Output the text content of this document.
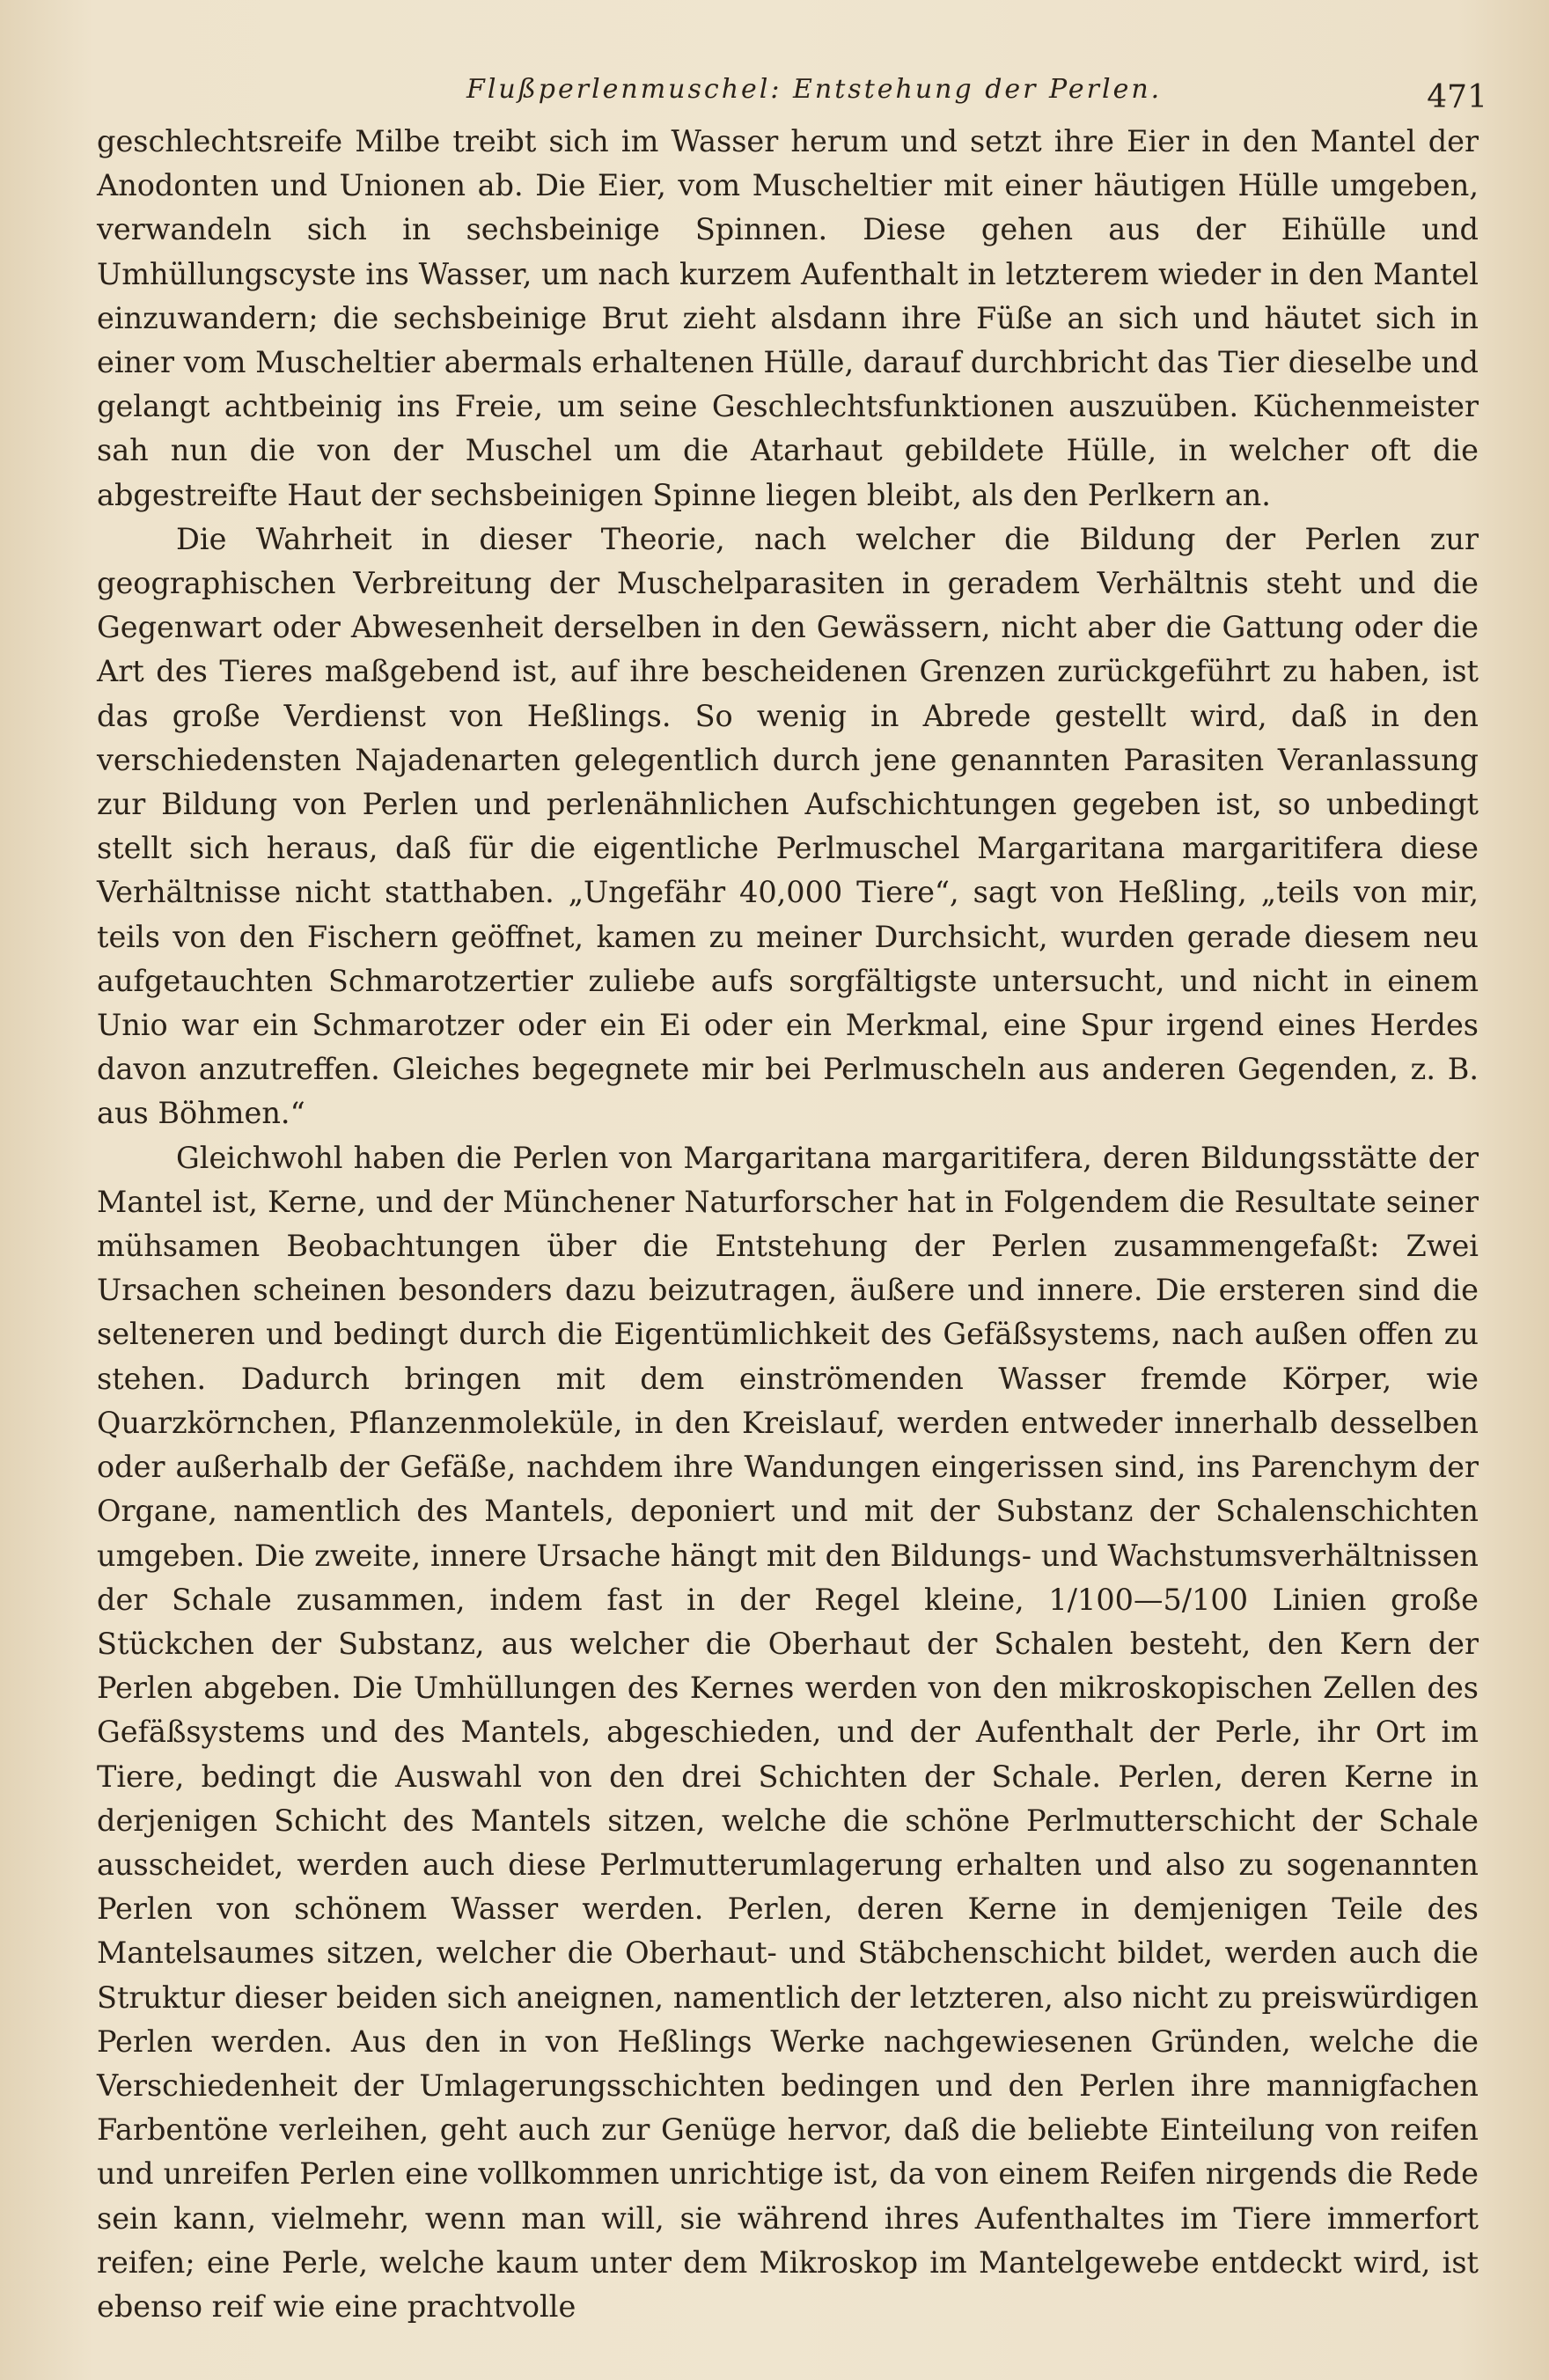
Flußperlenmuschel: Entstehung der Perlen.	471

geschlechtsreife Milbe treibt sich im Wasser herum und setzt ihre Eier in den Mantel der Anodonten und Unionen ab. Die Eier, vom Muscheltier mit einer häutigen Hülle umgeben, verwandeln sich in sechsbeinige Spinnen. Diese gehen aus der Eihülle und Umhüllungscyste ins Wasser, um nach kurzem Aufenthalt in letzterem wieder in den Mantel einzuwandern; die sechsbeinige Brut zieht alsdann ihre Füße an sich und häutet sich in einer vom Muscheltier abermals erhaltenen Hülle, darauf durchbricht das Tier dieselbe und gelangt achtbeinig ins Freie, um seine Geschlechtsfunktionen auszuüben. Küchenmeister sah nun die von der Muschel um die Atarhaut gebildete Hülle, in welcher oft die abgestreifte Haut der sechsbeinigen Spinne liegen bleibt, als den Perlkern an.

Die Wahrheit in dieser Theorie, nach welcher die Bildung der Perlen zur geographischen Verbreitung der Muschelparasiten in geradem Verhältnis steht und die Gegenwart oder Abwesenheit derselben in den Gewässern, nicht aber die Gattung oder die Art des Tieres maßgebend ist, auf ihre bescheidenen Grenzen zurückgeführt zu haben, ist das große Verdienst von Heßlings. So wenig in Abrede gestellt wird, daß in den verschiedensten Najadenarten gelegentlich durch jene genannten Parasiten Veranlassung zur Bildung von Perlen und perlenähnlichen Aufschichtungen gegeben ist, so unbedingt stellt sich heraus, daß für die eigentliche Perlmuschel Margaritana margaritifera diese Verhältnisse nicht statthaben. „Ungefähr 40,000 Tiere“, sagt von Heßling, „teils von mir, teils von den Fischern geöffnet, kamen zu meiner Durchsicht, wurden gerade diesem neu aufgetauchten Schmarotzertier zuliebe aufs sorgfältigste untersucht, und nicht in einem Unio war ein Schmarotzer oder ein Ei oder ein Merkmal, eine Spur irgend eines Herdes davon anzutreffen. Gleiches begegnete mir bei Perlmuscheln aus anderen Gegenden, z. B. aus Böhmen.“

Gleichwohl haben die Perlen von Margaritana margaritifera, deren Bildungsstätte der Mantel ist, Kerne, und der Münchener Naturforscher hat in Folgendem die Resultate seiner mühsamen Beobachtungen über die Entstehung der Perlen zusammengefaßt: Zwei Ursachen scheinen besonders dazu beizutragen, äußere und innere. Die ersteren sind die selteneren und bedingt durch die Eigentümlichkeit des Gefäßsystems, nach außen offen zu stehen. Dadurch bringen mit dem einströmenden Wasser fremde Körper, wie Quarzkörnchen, Pflanzenmoleküle, in den Kreislauf, werden entweder innerhalb desselben oder außerhalb der Gefäße, nachdem ihre Wandungen eingerissen sind, ins Parenchym der Organe, namentlich des Mantels, deponiert und mit der Substanz der Schalenschichten umgeben. Die zweite, innere Ursache hängt mit den Bildungs- und Wachstumsverhältnissen der Schale zusammen, indem fast in der Regel kleine, 1/100—5/100 Linien große Stückchen der Substanz, aus welcher die Oberhaut der Schalen besteht, den Kern der Perlen abgeben. Die Umhüllungen des Kernes werden von den mikroskopischen Zellen des Gefäßsystems und des Mantels, abgeschieden, und der Aufenthalt der Perle, ihr Ort im Tiere, bedingt die Auswahl von den drei Schichten der Schale. Perlen, deren Kerne in derjenigen Schicht des Mantels sitzen, welche die schöne Perlmutterschicht der Schale ausscheidet, werden auch diese Perlmutterumlagerung erhalten und also zu sogenannten Perlen von schönem Wasser werden. Perlen, deren Kerne in demjenigen Teile des Mantelsaumes sitzen, welcher die Oberhaut- und Stäbchenschicht bildet, werden auch die Struktur dieser beiden sich aneignen, namentlich der letzteren, also nicht zu preiswürdigen Perlen werden. Aus den in von Heßlings Werke nachgewiesenen Gründen, welche die Verschiedenheit der Umlagerungsschichten bedingen und den Perlen ihre mannigfachen Farbentöne verleihen, geht auch zur Genüge hervor, daß die beliebte Einteilung von reifen und unreifen Perlen eine vollkommen unrichtige ist, da von einem Reifen nirgends die Rede sein kann, vielmehr, wenn man will, sie während ihres Aufenthaltes im Tiere immerfort reifen; eine Perle, welche kaum unter dem Mikroskop im Mantelgewebe entdeckt wird, ist ebenso reif wie eine prachtvolle
